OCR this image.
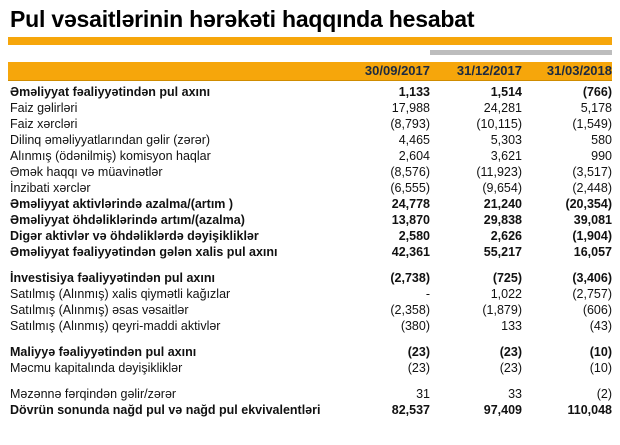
Pul vəsaitlərinin hərəkəti haqqında hesabat
30/09/2017	31/12/2017	31/03/2018
Əməliyyat fəaliyyətindən pul axını	1,133	1,514	(766)
Faiz gəlirləri	17,988	24,281	5,178
Faiz xərcləri	(8,793)	(10,115)	(1,549)
Dilinq əməliyyatlarından gəlir (zərər)	4,465	5,303	580
Alınmış (ödənilmiş) komisyon haqlar	2,604	3,621	990
Əmək haqqı və müavinətlər	(8,576)	(11,923)	(3,517)
İnzibati xərclər	(6,555)	(9,654)	(2,448)
Əməliyyat aktivlərində azalma/(artım )	24,778	21,240	(20,354)
Əməliyyat öhdəliklərində artım/(azalma)	13,870	29,838	39,081
Digər aktivlər və öhdəliklərdə dəyişikliklər	2,580	2,626	(1,904)
Əməliyyat fəaliyyətindən gələn xalis pul axını	42,361	55,217	16,057
İnvestisiya fəaliyyətindən pul axını	(2,738)	(725)	(3,406)
Satılmış (Alınmış) xalis qiymətli kağızlar	-	1,022	(2,757)
Satılmış (Alınmış) əsas vəsaitlər	(2,358)	(1,879)	(606)
Satılmış (Alınmış) qeyri-maddi aktivlər	(380)	133	(43)
Maliyyə fəaliyyətindən pul axını	(23)	(23)	(10)
Məcmu kapitalında dəyişikliklər	(23)	(23)	(10)
Məzənnə fərqindən gəlir/zərər	31	33	(2)
Dövrün sonunda nağd pul və nağd pul ekvivalentləri	82,537	97,409	110,048
